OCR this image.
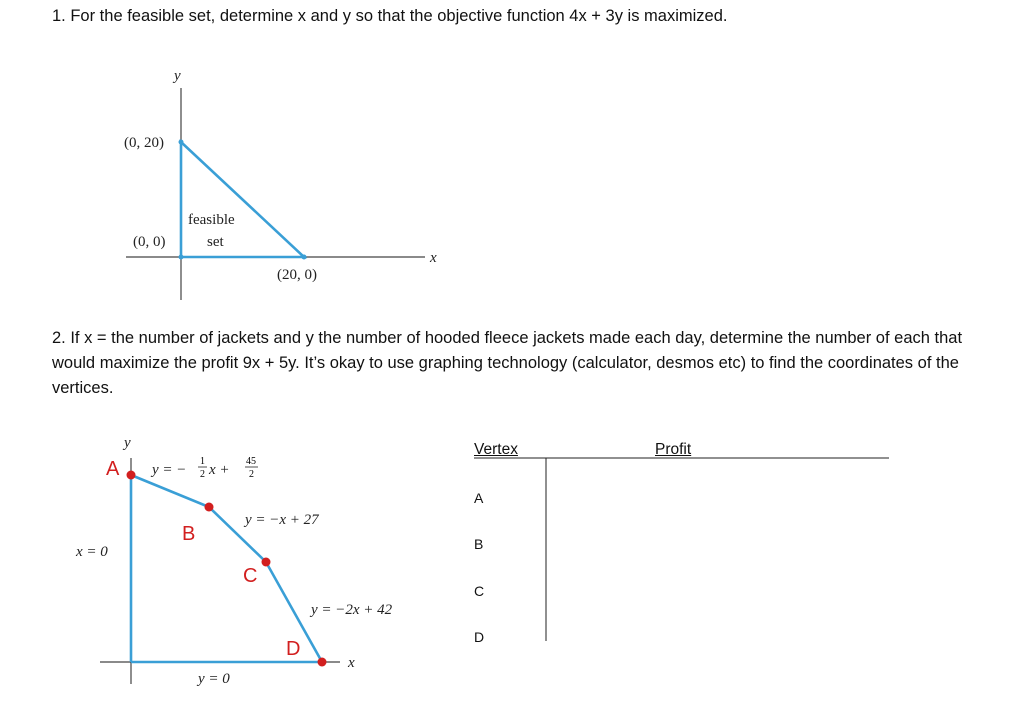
1. For the feasible set, determine x and y so that the objective function 4x + 3y is maximized.
y
x
(0, 20)
(0, 0)
(20, 0)
feasible
set
2. If x = the number of jackets and y the number of hooded fleece jackets made each day, determine the number of each that would maximize the profit 9x + 5y. It’s okay to use graphing technology (calculator, desmos etc) to find the coordinates of the vertices.
A
B
C
D
y
x
y = −
1
2 x +
45
2
y = −x + 27
y = −2x + 42
x = 0
y = 0
Vertex	Profit
A
B
C
D
